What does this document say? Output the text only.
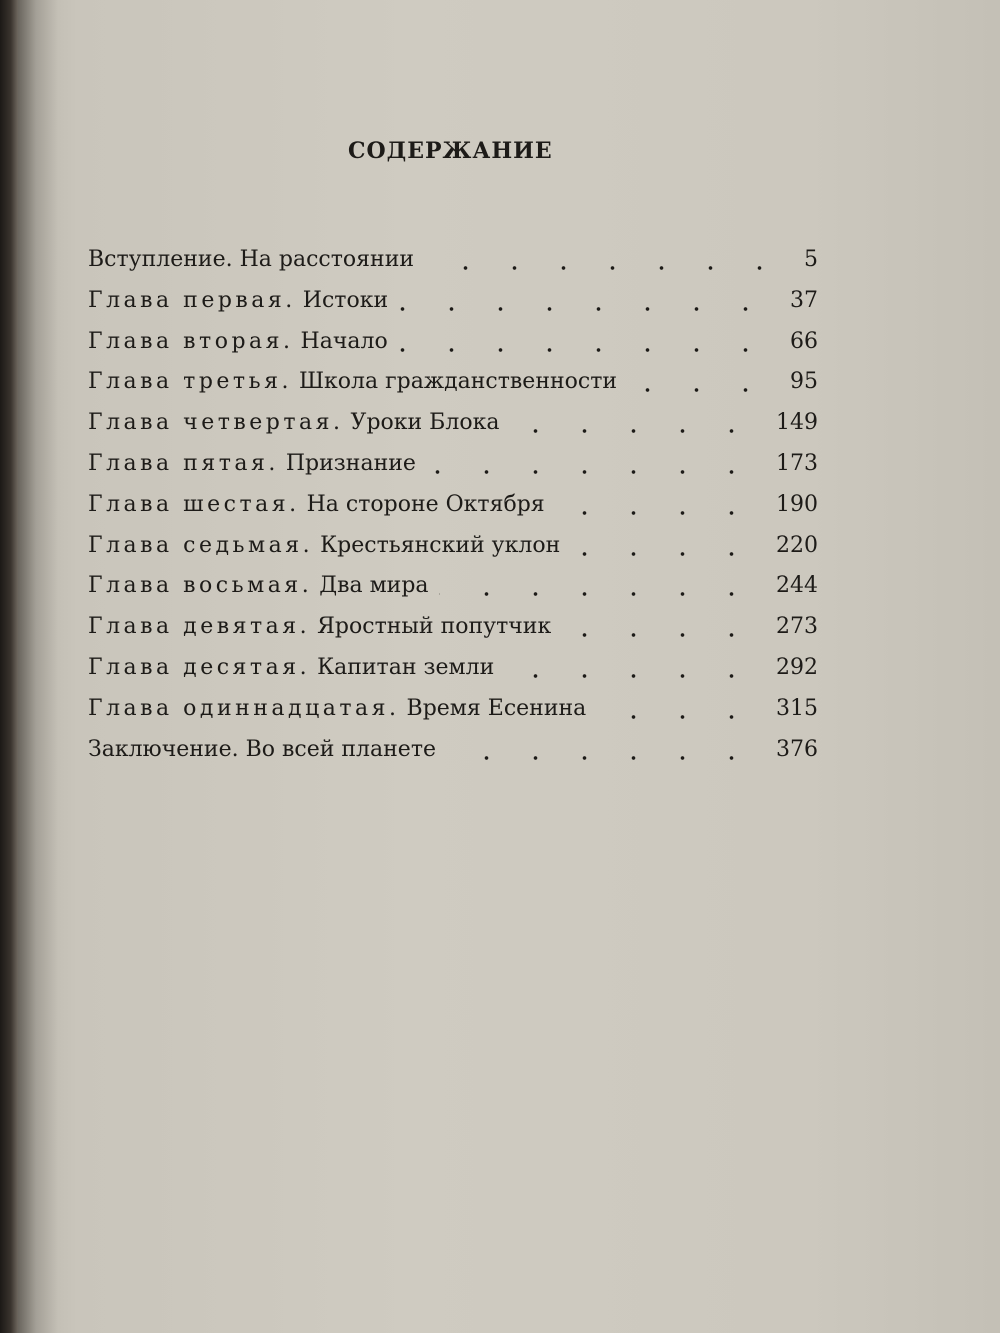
СОДЕРЖАНИЕ
Вступление. На расстоянии	5
Глава первая. Истоки	37
Глава вторая. Начало	66
Глава третья. Школа гражданственности	95
Глава четвертая. Уроки Блока	149
Глава пятая. Признание	173
Глава шестая. На стороне Октября	190
Глава седьмая. Крестьянский уклон	220
Глава восьмая. Два мира	244
Глава девятая. Яростный попутчик	273
Глава десятая. Капитан земли	292
Глава одиннадцатая. Время Есенина	315
Заключение. Во всей планете	376
